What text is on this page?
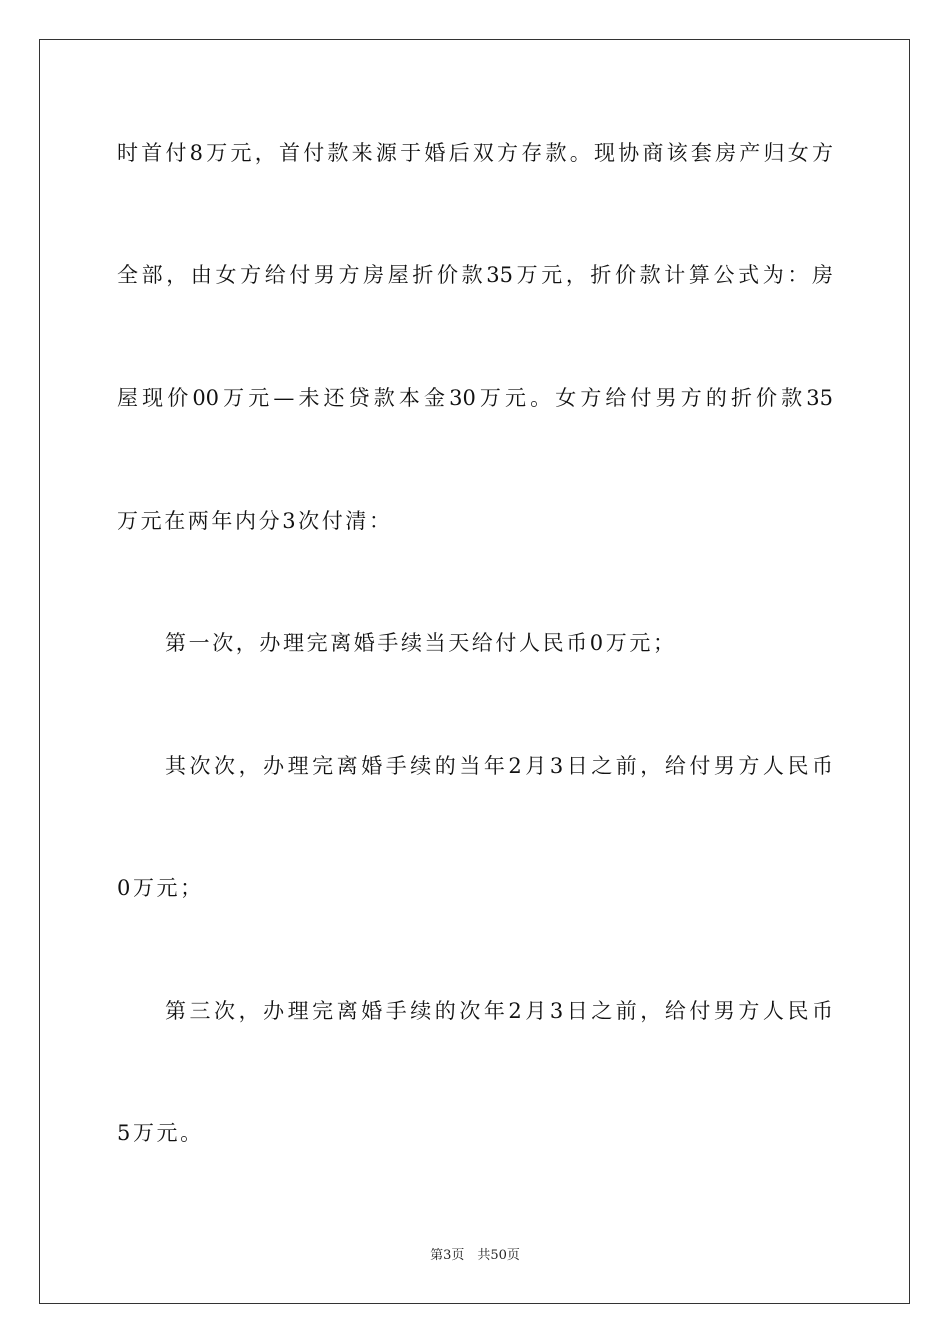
时首付8万元，首付款来源于婚后双方存款。现协商该套房产归女方
全部，由女方给付男方房屋折价款35万元，折价款计算公式为：房
屋现价00万元—未还贷款本金30万元。女方给付男方的折价款35
万元在两年内分3次付清：
第一次，办理完离婚手续当天给付人民币0万元；
其次次，办理完离婚手续的当年2月3日之前，给付男方人民币
0万元；
第三次，办理完离婚手续的次年2月3日之前，给付男方人民币
5万元。
第3页　共50页
